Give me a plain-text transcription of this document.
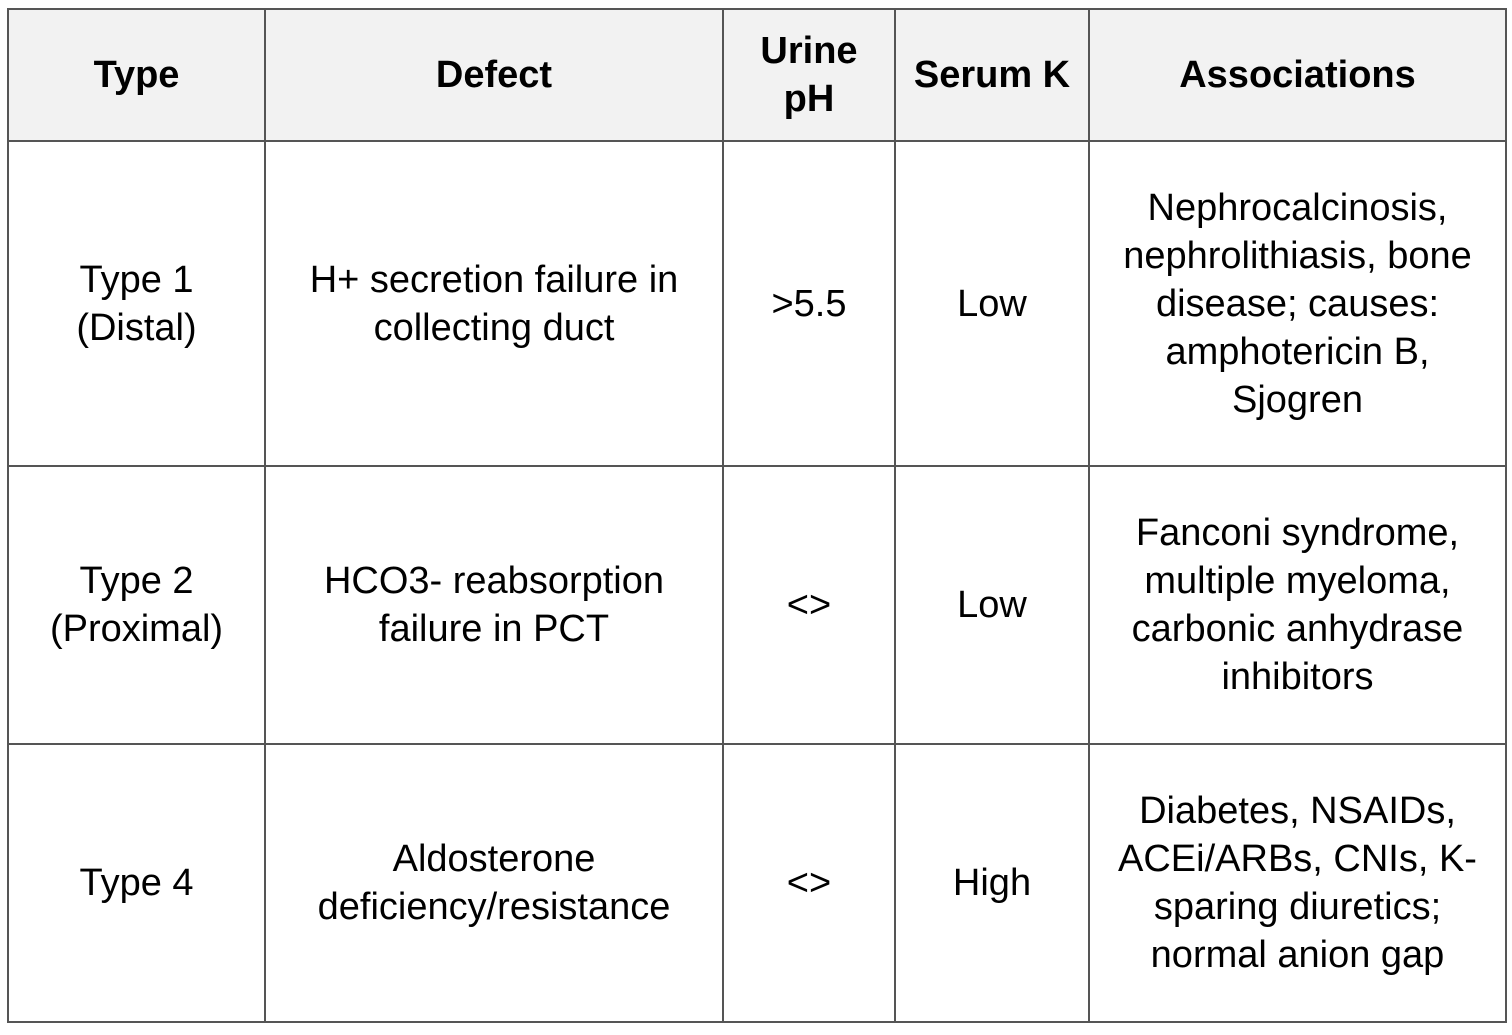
Type	Defect	Urine pH	Serum K	Associations
Type 1 (Distal)	H+ secretion failure in collecting duct	>5.5	Low	Nephrocalcinosis, nephrolithiasis, bone disease; causes: amphotericin B, Sjogren
Type 2 (Proximal)	HCO3- reabsorption failure in PCT	<>	Low	Fanconi syndrome, multiple myeloma, carbonic anhydrase inhibitors
Type 4	Aldosterone deficiency/resistance	<>	High	Diabetes, NSAIDs, ACEi/ARBs, CNIs, K-sparing diuretics; normal anion gap
